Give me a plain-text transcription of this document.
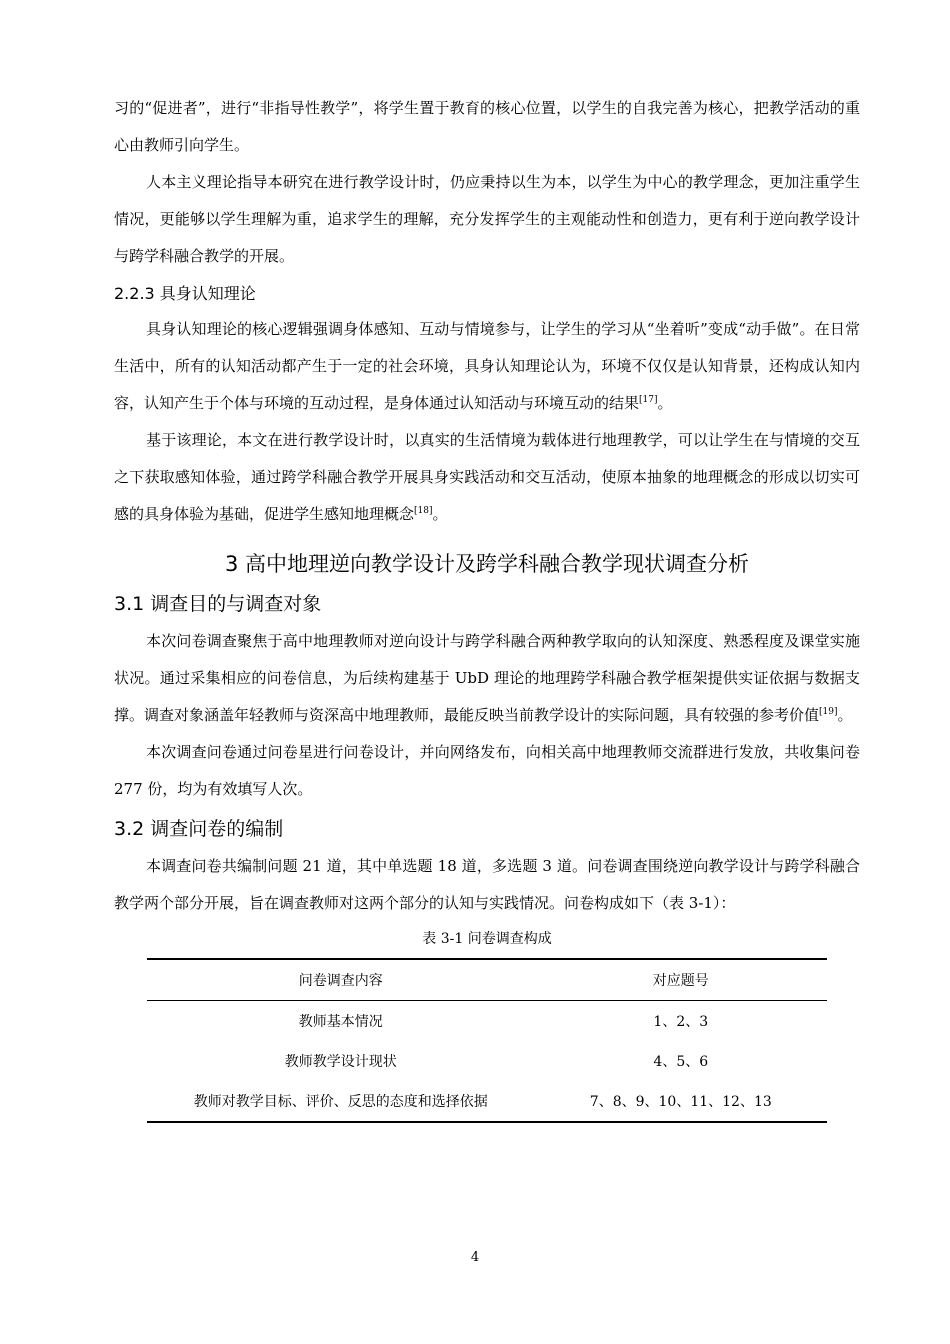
习的“促进者”，进行“非指导性教学”，将学生置于教育的核心位置，以学生的自我完善为核心，把教学活动的重心由教师引向学生。

人本主义理论指导本研究在进行教学设计时，仍应秉持以生为本，以学生为中心的教学理念，更加注重学生情况，更能够以学生理解为重，追求学生的理解，充分发挥学生的主观能动性和创造力，更有利于逆向教学设计与跨学科融合教学的开展。

2.2.3 具身认知理论

具身认知理论的核心逻辑强调身体感知、互动与情境参与，让学生的学习从“坐着听”变成“动手做”。在日常生活中，所有的认知活动都产生于一定的社会环境，具身认知理论认为，环境不仅仅是认知背景，还构成认知内容，认知产生于个体与环境的互动过程，是身体通过认知活动与环境互动的结果[17]。

基于该理论，本文在进行教学设计时，以真实的生活情境为载体进行地理教学，可以让学生在与情境的交互之下获取感知体验，通过跨学科融合教学开展具身实践活动和交互活动，使原本抽象的地理概念的形成以切实可感的具身体验为基础，促进学生感知地理概念[18]。

3 高中地理逆向教学设计及跨学科融合教学现状调查分析
3.1 调查目的与调查对象

本次问卷调查聚焦于高中地理教师对逆向设计与跨学科融合两种教学取向的认知深度、熟悉程度及课堂实施状况。通过采集相应的问卷信息，为后续构建基于 UbD 理论的地理跨学科融合教学框架提供实证依据与数据支撑。调查对象涵盖年轻教师与资深高中地理教师，最能反映当前教学设计的实际问题，具有较强的参考价值[19]。

本次调查问卷通过问卷星进行问卷设计，并向网络发布，向相关高中地理教师交流群进行发放，共收集问卷 277 份，均为有效填写人次。

3.2 调查问卷的编制

本调查问卷共编制问题 21 道，其中单选题 18 道，多选题 3 道。问卷调查围绕逆向教学设计与跨学科融合教学两个部分开展，旨在调查教师对这两个部分的认知与实践情况。问卷构成如下（表 3-1）：

表 3-1 问卷调查构成
问卷调查内容	对应题号
教师基本情况	1、2、3
教师教学设计现状	4、5、6
教师对教学目标、评价、反思的态度和选择依据	7、8、9、10、11、12、13
4
